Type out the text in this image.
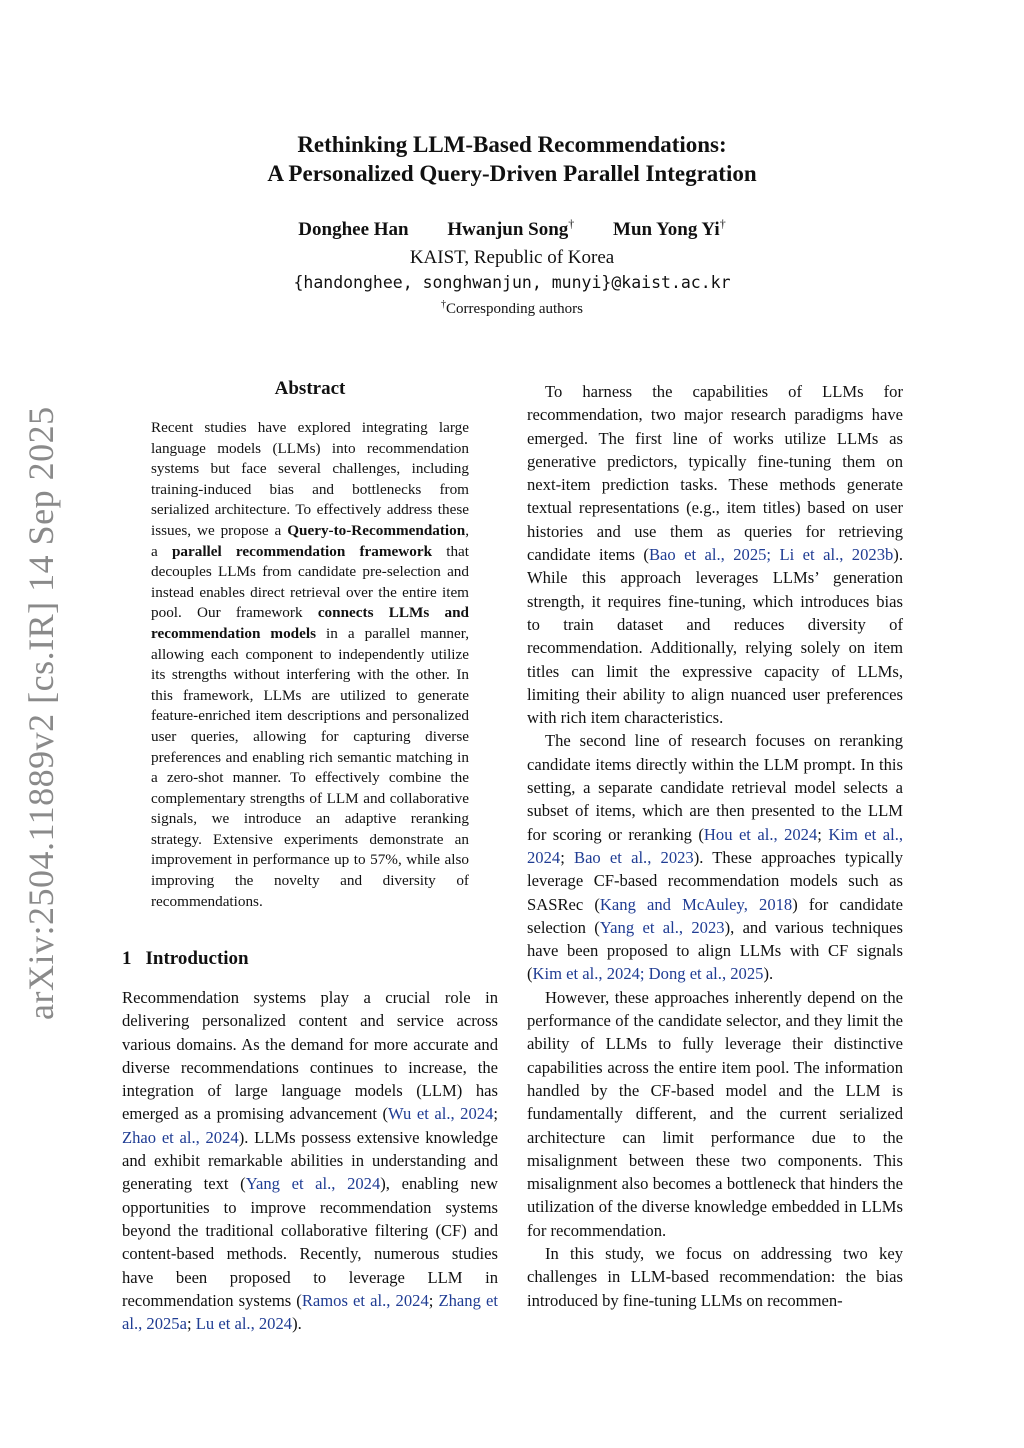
Rethinking LLM-Based Recommendations:
A Personalized Query-Driven Parallel Integration
Donghee Han Hwanjun Song† Mun Yong Yi†
KAIST, Republic of Korea
{handonghee, songhwanjun, munyi}@kaist.ac.kr
†Corresponding authors
arXiv:2504.11889v2 [cs.IR] 14 Sep 2025
Abstract
Recent studies have explored integrating large language models (LLMs) into recommendation systems but face several challenges, including training-induced bias and bottlenecks from serialized architecture. To effectively address these issues, we propose a Query-to-Recommendation, a parallel recommendation framework that decouples LLMs from candidate pre-selection and instead enables direct retrieval over the entire item pool. Our framework connects LLMs and recommendation models in a parallel manner, allowing each component to independently utilize its strengths without interfering with the other. In this framework, LLMs are utilized to generate feature-enriched item descriptions and personalized user queries, allowing for capturing diverse preferences and enabling rich semantic matching in a zero-shot manner. To effectively combine the complementary strengths of LLM and collaborative signals, we introduce an adaptive reranking strategy. Extensive experiments demonstrate an improvement in performance up to 57%, while also improving the novelty and diversity of recommendations.
1 Introduction

Recommendation systems play a crucial role in delivering personalized content and service across various domains. As the demand for more accurate and diverse recommendations continues to increase, the integration of large language models (LLM) has emerged as a promising advancement (Wu et al., 2024; Zhao et al., 2024). LLMs possess extensive knowledge and exhibit remarkable abilities in understanding and generating text (Yang et al., 2024), enabling new opportunities to improve recommendation systems beyond the traditional collaborative filtering (CF) and content-based methods. Recently, numerous studies have been proposed to leverage LLM in recommendation systems (Ramos et al., 2024; Zhang et al., 2025a; Lu et al., 2024).

To harness the capabilities of LLMs for recommendation, two major research paradigms have emerged. The first line of works utilize LLMs as generative predictors, typically fine-tuning them on next-item prediction tasks. These methods generate textual representations (e.g., item titles) based on user histories and use them as queries for retrieving candidate items (Bao et al., 2025; Li et al., 2023b). While this approach leverages LLMs’ generation strength, it requires fine-tuning, which introduces bias to train dataset and reduces diversity of recommendation. Additionally, relying solely on item titles can limit the expressive capacity of LLMs, limiting their ability to align nuanced user preferences with rich item characteristics.

The second line of research focuses on reranking candidate items directly within the LLM prompt. In this setting, a separate candidate retrieval model selects a subset of items, which are then presented to the LLM for scoring or reranking (Hou et al., 2024; Kim et al., 2024; Bao et al., 2023). These approaches typically leverage CF-based recommendation models such as SASRec (Kang and McAuley, 2018) for candidate selection (Yang et al., 2023), and various techniques have been proposed to align LLMs with CF signals (Kim et al., 2024; Dong et al., 2025).

However, these approaches inherently depend on the performance of the candidate selector, and they limit the ability of LLMs to fully leverage their distinctive capabilities across the entire item pool. The information handled by the CF-based model and the LLM is fundamentally different, and the current serialized architecture can limit performance due to the misalignment between these two components. This misalignment also becomes a bottleneck that hinders the utilization of the diverse knowledge embedded in LLMs for recommendation.

In this study, we focus on addressing two key challenges in LLM-based recommendation: the bias introduced by fine-tuning LLMs on recommen-
